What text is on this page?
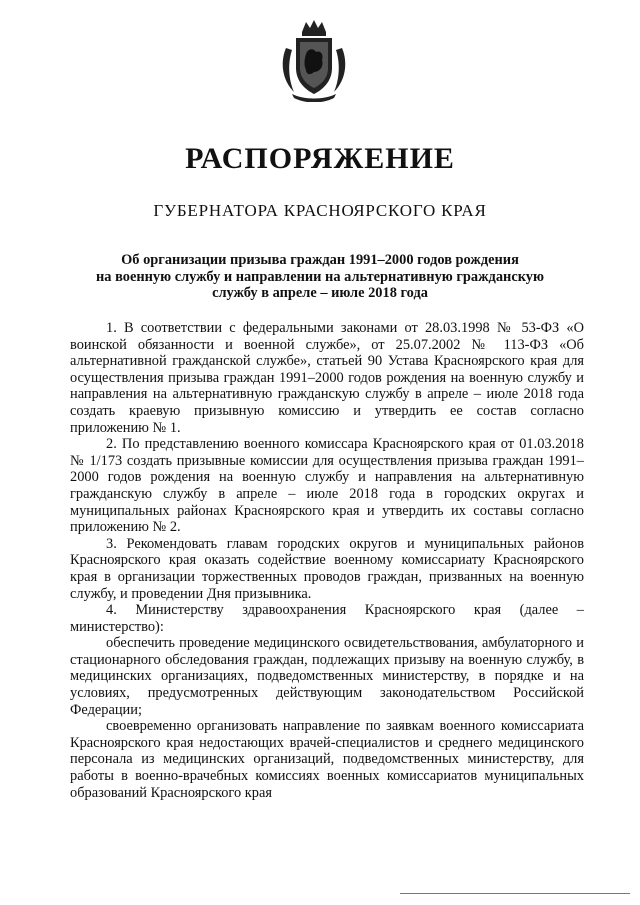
РАСПОРЯЖЕНИЕ
ГУБЕРНАТОРА КРАСНОЯРСКОГО КРАЯ
Об организации призыва граждан 1991–2000 годов рождения
на военную службу и направлении на альтернативную гражданскую
службу в апреле – июле 2018 года

1. В соответствии с федеральными законами от 28.03.1998 № 53-ФЗ «О воинской обязанности и военной службе», от 25.07.2002 № 113-ФЗ «Об альтернативной гражданской службе», статьей 90 Устава Красноярского края для осуществления призыва граждан 1991–2000 годов рождения на военную службу и направления на альтернативную гражданскую службу в апреле – июле 2018 года создать краевую призывную комиссию и утвердить ее состав согласно приложению № 1.

2. По представлению военного комиссара Красноярского края от 01.03.2018 № 1/173 создать призывные комиссии для осуществления призыва граждан 1991–2000 годов рождения на военную службу и направления на альтернативную гражданскую службу в апреле – июле 2018 года в городских округах и муниципальных районах Красноярского края и утвердить их составы согласно приложению № 2.

3. Рекомендовать главам городских округов и муниципальных районов Красноярского края оказать содействие военному комиссариату Красноярского края в организации торжественных проводов граждан, призванных на военную службу, и проведении Дня призывника.

4. Министерству здравоохранения Красноярского края (далее – министерство):

обеспечить проведение медицинского освидетельствования, амбулаторного и стационарного обследования граждан, подлежащих призыву на военную службу, в медицинских организациях, подведомственных министерству, в порядке и на условиях, предусмотренных действующим законодательством Российской Федерации;

своевременно организовать направление по заявкам военного комиссариата Красноярского края недостающих врачей-специалистов и среднего медицинского персонала из медицинских организаций, подведомственных министерству, для работы в военно-врачебных комиссиях военных комиссариатов муниципальных образований Красноярского края
